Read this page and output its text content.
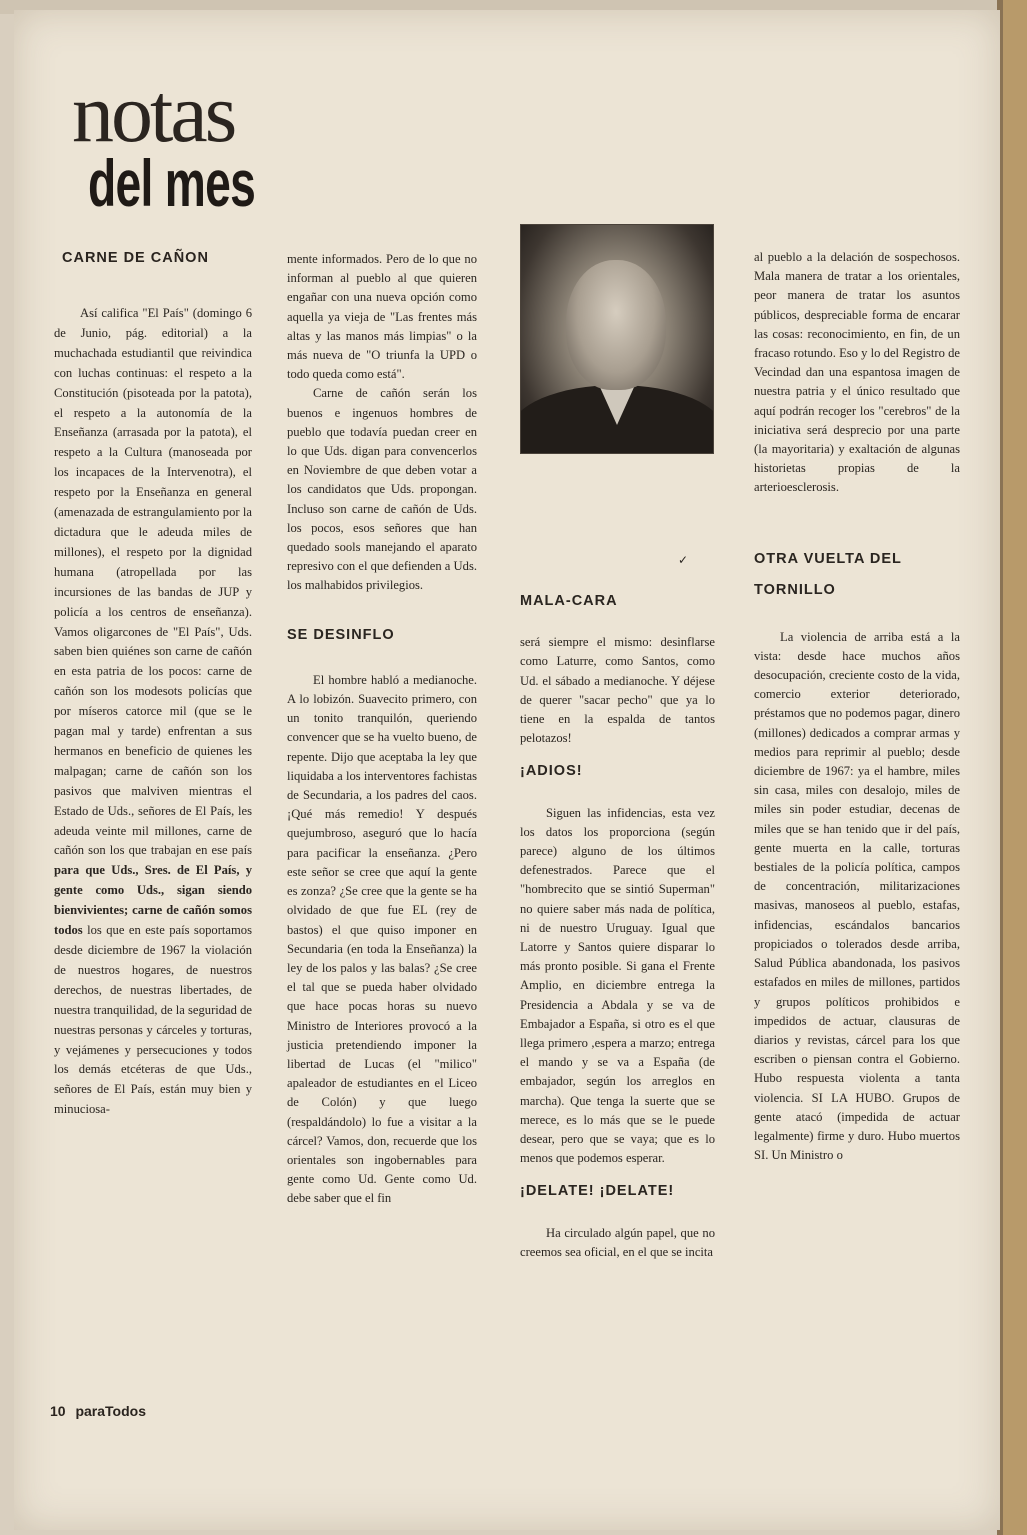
notas
del mes
CARNE DE CAÑON

Así califica "El País" (domingo 6 de Junio, pág. editorial) a la muchachada estudiantil que reivindica con luchas continuas: el respeto a la Constitución (pisoteada por la patota), el respeto a la autonomía de la Enseñanza (arrasada por la patota), el respeto a la Cultura (manoseada por los incapaces de la Intervenotra), el respeto por la Enseñanza en general (amenazada de estrangulamiento por la dictadura que le adeuda miles de millones), el respeto por la dignidad humana (atropellada por las incursiones de las bandas de JUP y policía a los centros de enseñanza). Vamos oligarcones de "El País", Uds. saben bien quiénes son carne de cañón en esta patria de los pocos: carne de cañón son los modesots policías que por míseros catorce mil (que se le pagan mal y tarde) enfrentan a sus hermanos en beneficio de quienes les malpagan; carne de cañón son los pasivos que malviven mientras el Estado de Uds., señores de El País, les adeuda veinte mil millones, carne de cañón son los que trabajan en ese país para que Uds., Sres. de El País, y gente como Uds., sigan siendo bienvivientes; carne de cañón somos todos los que en este país soportamos desde diciembre de 1967 la violación de nuestros hogares, de nuestros derechos, de nuestras libertades, de nuestra tranquilidad, de la seguridad de nuestras personas y cárceles y torturas, y vejámenes y persecuciones y todos los demás etcéteras de que Uds., señores de El País, están muy bien y minuciosa-

mente informados. Pero de lo que no informan al pueblo al que quieren engañar con una nueva opción como aquella ya vieja de "Las frentes más altas y las manos más limpias" o la más nueva de "O triunfa la UPD o todo queda como está".

Carne de cañón serán los buenos e ingenuos hombres de pueblo que todavía puedan creer en lo que Uds. digan para convencerlos en Noviembre de que deben votar a los candidatos que Uds. propongan. Incluso son carne de cañón de Uds. los pocos, esos señores que han quedado sools manejando el aparato represivo con el que defienden a Uds. los malhabidos privilegios.

SE DESINFLO

El hombre habló a medianoche. A lo lobizón. Suavecito primero, con un tonito tranquilón, queriendo convencer que se ha vuelto bueno, de repente. Dijo que aceptaba la ley que liquidaba a los interventores fachistas de Secundaria, a los padres del caos. ¡Qué más remedio! Y después quejumbroso, aseguró que lo hacía para pacificar la enseñanza. ¿Pero este señor se cree que aquí la gente es zonza? ¿Se cree que la gente se ha olvidado de que fue EL (rey de bastos) el que quiso imponer en Secundaria (en toda la Enseñanza) la ley de los palos y las balas? ¿Se cree el tal que se pueda haber olvidado que hace pocas horas su nuevo Ministro de Interiores provocó a la justicia pretendiendo imponer la libertad de Lucas (el "milico" apaleador de estudiantes en el Liceo de Colón) y que luego (respaldándolo) lo fue a visitar a la cárcel? Vamos, don, recuerde que los orientales son ingobernables para gente como Ud. Gente como Ud. debe saber que el fin

✓
MALA-CARA

será siempre el mismo: desinflarse como Laturre, como Santos, como Ud. el sábado a medianoche. Y déjese de querer "sacar pecho" que ya lo tiene en la espalda de tantos pelotazos!

¡ADIOS!

Siguen las infidencias, esta vez los datos los proporciona (según parece) alguno de los últimos defenestrados. Parece que el "hombrecito que se sintió Superman" no quiere saber más nada de política, ni de nuestro Uruguay. Igual que Latorre y Santos quiere disparar lo más pronto posible. Si gana el Frente Amplio, en diciembre entrega la Presidencia a Abdala y se va de Embajador a España, si otro es el que llega primero ,espera a marzo; entrega el mando y se va a España (de embajador, según los arreglos en marcha). Que tenga la suerte que se merece, es lo más que se le puede desear, pero que se vaya; que es lo menos que podemos esperar.

¡DELATE! ¡DELATE!

Ha circulado algún papel, que no creemos sea oficial, en el que se incita

al pueblo a la delación de sospechosos. Mala manera de tratar a los orientales, peor manera de tratar los asuntos públicos, despreciable forma de encarar las cosas: reconocimiento, en fin, de un fracaso rotundo. Eso y lo del Registro de Vecindad dan una espantosa imagen de nuestra patria y el único resultado que aquí podrán recoger los "cerebros" de la iniciativa será desprecio por una parte (la mayoritaria) y exaltación de algunas historietas propias de la arterioesclerosis.

OTRA VUELTA DEL
TORNILLO

La violencia de arriba está a la vista: desde hace muchos años desocupación, creciente costo de la vida, comercio exterior deteriorado, préstamos que no podemos pagar, dinero (millones) dedicados a comprar armas y medios para reprimir al pueblo; desde diciembre de 1967: ya el hambre, miles sin casa, miles con desalojo, miles de miles sin poder estudiar, decenas de miles que se han tenido que ir del país, gente muerta en la calle, torturas bestiales de la policía política, campos de concentración, militarizaciones masivas, manoseos al pueblo, estafas, infidencias, escándalos bancarios propiciados o tolerados desde arriba, Salud Pública abandonada, los pasivos estafados en miles de millones, partidos y grupos políticos prohibidos e impedidos de actuar, clausuras de diarios y revistas, cárcel para los que escriben o piensan contra el Gobierno. Hubo respuesta violenta a tanta violencia. SI LA HUBO. Grupos de gente atacó (impedida de actuar legalmente) firme y duro. Hubo muertos SI. Un Ministro o

10 paraTodos
